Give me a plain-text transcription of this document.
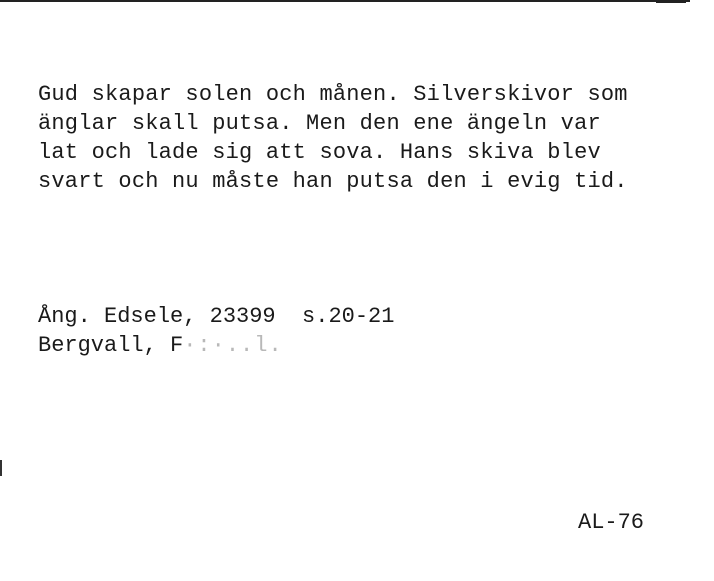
Gud skapar solen och månen. Silverskivor som
änglar skall putsa. Men den ene ängeln var
lat och lade sig att sova. Hans skiva blev
svart och nu måste han putsa den i evig tid.
Ång. Edsele, 23399  s.20-21
Bergvall, F·:·..l.
AL-76
